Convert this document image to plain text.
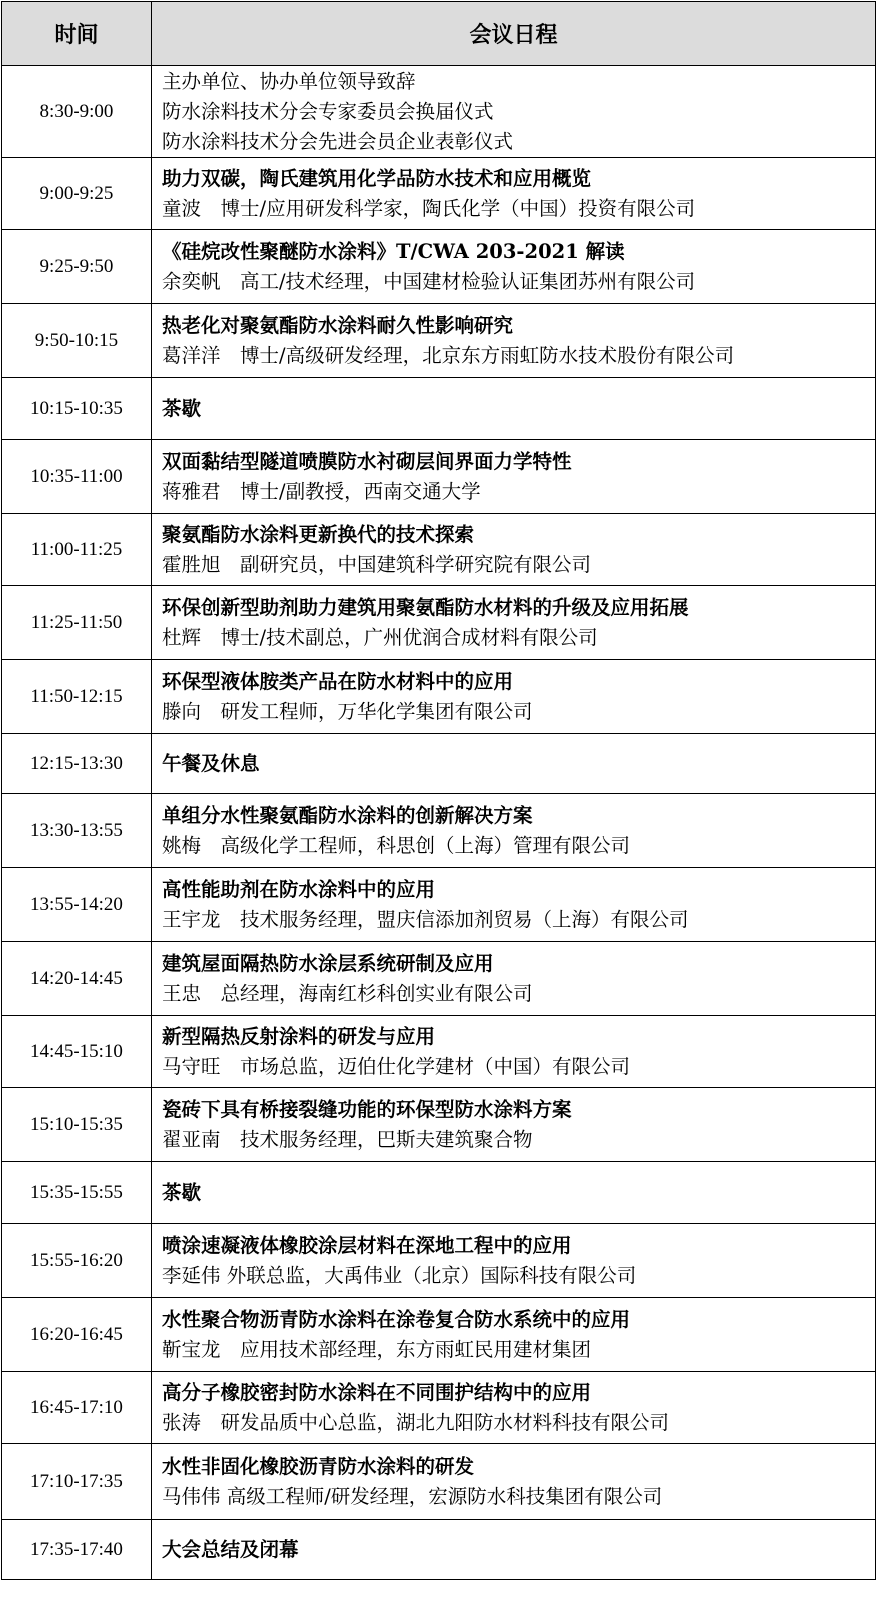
时间	会议日程
8:30-9:00	主办单位、协办单位领导致辞
防水涂料技术分会专家委员会换届仪式
防水涂料技术分会先进会员企业表彰仪式

9:00-9:25	助力双碳，陶氏建筑用化学品防水技术和应用概览
童波　博士/应用研发科学家，陶氏化学（中国）投资有限公司

9:25-9:50	《硅烷改性聚醚防水涂料》T/CWA 203-2021 解读
余奕帆　高工/技术经理，中国建材检验认证集团苏州有限公司

9:50-10:15	热老化对聚氨酯防水涂料耐久性影响研究
葛洋洋　博士/高级研发经理，北京东方雨虹防水技术股份有限公司

10:15-10:35	茶歇

10:35-11:00	双面黏结型隧道喷膜防水衬砌层间界面力学特性
蒋雅君　博士/副教授，西南交通大学

11:00-11:25	聚氨酯防水涂料更新换代的技术探索
霍胜旭　副研究员，中国建筑科学研究院有限公司

11:25-11:50	环保创新型助剂助力建筑用聚氨酯防水材料的升级及应用拓展
杜辉　博士/技术副总，广州优润合成材料有限公司

11:50-12:15	环保型液体胺类产品在防水材料中的应用
滕向　研发工程师，万华化学集团有限公司

12:15-13:30	午餐及休息

13:30-13:55	单组分水性聚氨酯防水涂料的创新解决方案
姚梅　高级化学工程师，科思创（上海）管理有限公司

13:55-14:20	高性能助剂在防水涂料中的应用
王宇龙　技术服务经理，盟庆信添加剂贸易（上海）有限公司

14:20-14:45	建筑屋面隔热防水涂层系统研制及应用
王忠　总经理，海南红杉科创实业有限公司

14:45-15:10	新型隔热反射涂料的研发与应用
马守旺　市场总监，迈伯仕化学建材（中国）有限公司

15:10-15:35	瓷砖下具有桥接裂缝功能的环保型防水涂料方案
翟亚南　技术服务经理，巴斯夫建筑聚合物

15:35-15:55	茶歇

15:55-16:20	喷涂速凝液体橡胶涂层材料在深地工程中的应用
李延伟 外联总监，大禹伟业（北京）国际科技有限公司

16:20-16:45	水性聚合物沥青防水涂料在涂卷复合防水系统中的应用
靳宝龙　应用技术部经理，东方雨虹民用建材集团

16:45-17:10	高分子橡胶密封防水涂料在不同围护结构中的应用
张涛　研发品质中心总监，湖北九阳防水材料科技有限公司

17:10-17:35	水性非固化橡胶沥青防水涂料的研发
马伟伟 高级工程师/研发经理，宏源防水科技集团有限公司

17:35-17:40	大会总结及闭幕
